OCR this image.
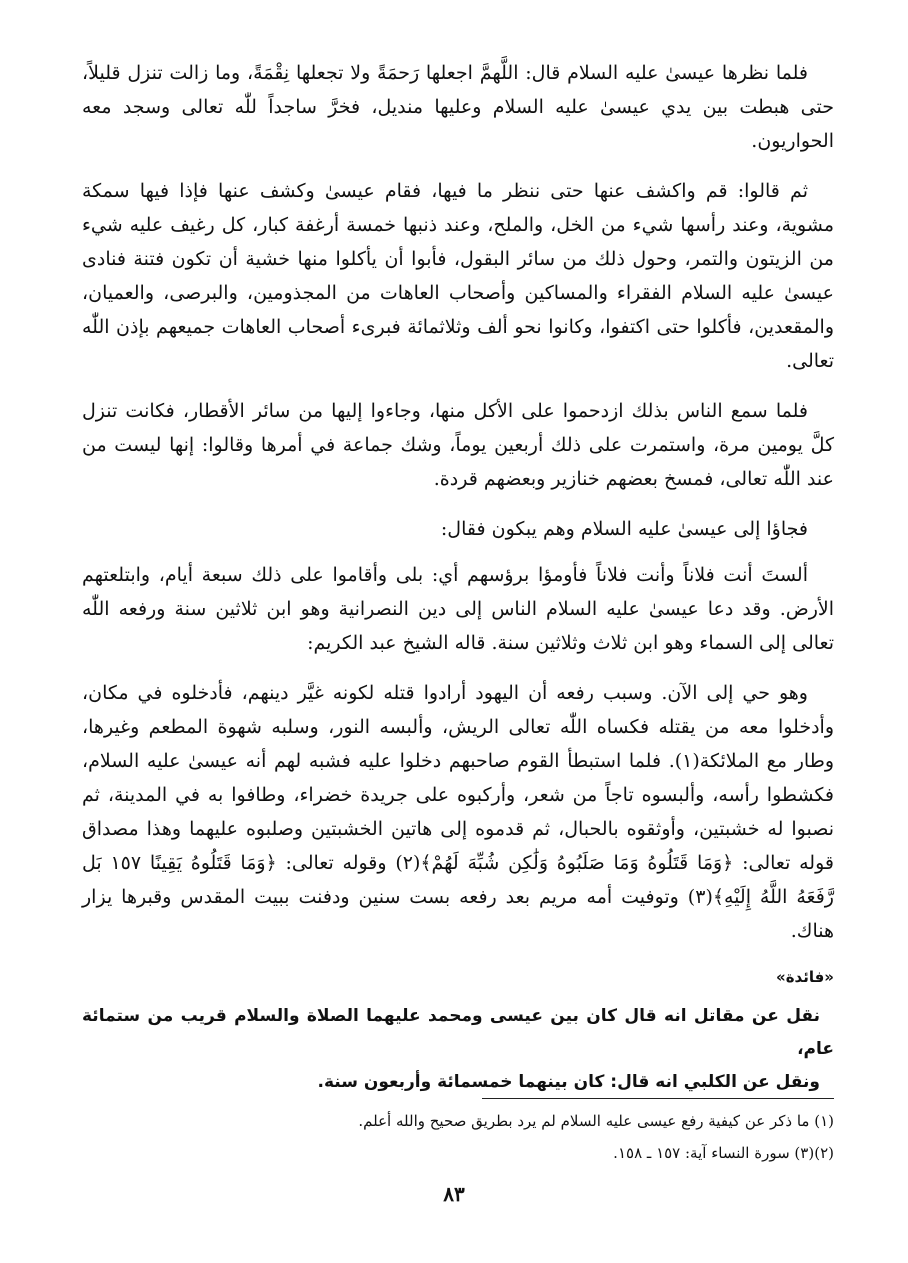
فلما نظرها عيسىٰ عليه السلام قال: اللَّهمَّ اجعلها رَحمَةً ولا تجعلها نِقْمَةً، وما زالت تنزل قليلاً، حتى هبطت بين يدي عيسىٰ عليه السلام وعليها منديل، فخرَّ ساجداً للّٰه تعالى وسجد معه الحواريون.

ثم قالوا: قم واكشف عنها حتى ننظر ما فيها، فقام عيسىٰ وكشف عنها فإذا فيها سمكة مشوية، وعند رأسها شيء من الخل، والملح، وعند ذنبها خمسة أرغفة كبار، كل رغيف عليه شيء من الزيتون والتمر، وحول ذلك من سائر البقول، فأبوا أن يأكلوا منها خشية أن تكون فتنة فنادى عيسىٰ عليه السلام الفقراء والمساكين وأصحاب العاهات من المجذومين، والبرصى، والعميان، والمقعدين، فأكلوا حتى اكتفوا، وكانوا نحو ألف وثلاثمائة فبرىء أصحاب العاهات جميعهم بإذن اللّٰه تعالى.

فلما سمع الناس بذلك ازدحموا على الأكل منها، وجاءوا إليها من سائر الأقطار، فكانت تنزل كلَّ يومين مرة، واستمرت على ذلك أربعين يوماً، وشك جماعة في أمرها وقالوا: إنها ليست من عند اللّٰه تعالى، فمسخ بعضهم خنازير وبعضهم قردة.

فجاؤا إلى عيسىٰ عليه السلام وهم يبكون فقال:

ألستَ أنت فلاناً وأنت فلاناً فأومؤا برؤسهم أي: بلى وأقاموا على ذلك سبعة أيام، وابتلعتهم الأرض. وقد دعا عيسىٰ عليه السلام الناس إلى دين النصرانية وهو ابن ثلاثين سنة ورفعه اللّٰه تعالى إلى السماء وهو ابن ثلاث وثلاثين سنة. قاله الشيخ عبد الكريم:

وهو حي إلى الآن. وسبب رفعه أن اليهود أرادوا قتله لكونه غيَّر دينهم، فأدخلوه في مكان، وأدخلوا معه من يقتله فكساه اللّٰه تعالى الريش، وألبسه النور، وسلبه شهوة المطعم وغيرها، وطار مع الملائكة(١). فلما استبطأ القوم صاحبهم دخلوا عليه فشبه لهم أنه عيسىٰ عليه السلام، فكشطوا رأسه، وألبسوه تاجاً من شعر، وأركبوه على جريدة خضراء، وطافوا به في المدينة، ثم نصبوا له خشبتين، وأوثقوه بالحبال، ثم قدموه إلى هاتين الخشبتين وصلبوه عليهما وهذا مصداق قوله تعالى: ﴿وَمَا قَتَلُوهُ وَمَا صَلَبُوهُ وَلَٰكِن شُبِّهَ لَهُمْ﴾(٢) وقوله تعالى: ﴿وَمَا قَتَلُوهُ يَقِينًا ١٥٧ بَل رَّفَعَهُ اللَّهُ إِلَيْهِ﴾(٣) وتوفيت أمه مريم بعد رفعه بست سنين ودفنت ببيت المقدس وقبرها يزار هناك.

«فائدة»

نقل عن مقاتل انه قال كان بين عيسى ومحمد عليهما الصلاة والسلام قريب من ستمائة عام،

ونقل عن الكلبي انه قال: كان بينهما خمسمائة وأربعون سنة.

(١) ما ذكر عن كيفية رفع عيسى عليه السلام لم يرد بطريق صحيح والله أعلم.

(٢)(٣) سورة النساء آية: ١٥٧ ـ ١٥٨.

٨٣
